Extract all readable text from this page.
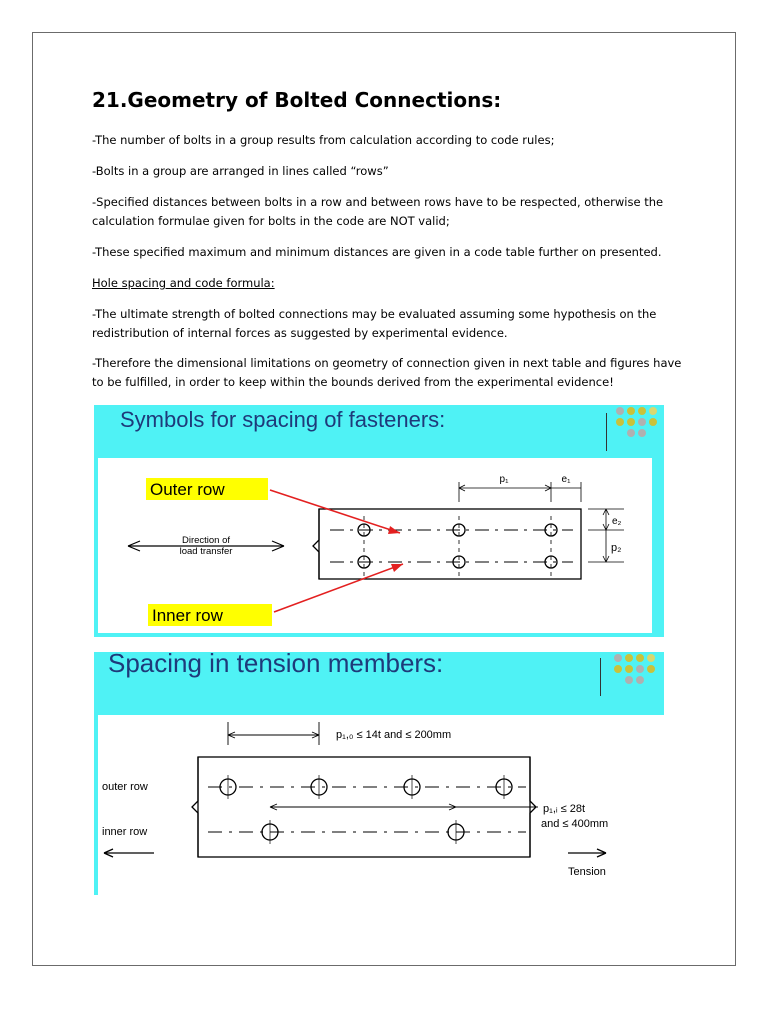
21.Geometry of Bolted Connections:

-The number of bolts in a group results from calculation according to code rules;

-Bolts in a group are arranged in lines called “rows”

-Specified distances between bolts in a row and between rows have to be respected, otherwise the calculation formulae given for bolts in the code are NOT valid;

-These specified maximum and minimum distances are given in a code table further on presented.

Hole spacing and code formula:

-The ultimate strength of bolted connections may be evaluated assuming some hypothesis on the redistribution of internal forces as suggested by experimental evidence.

-Therefore the dimensional limitations on geometry of connection given in next table and figures have to be fulfilled, in order to keep within the bounds derived from the experimental evidence!

Symbols for spacing of fasteners:
Direction of
load transfer
p₁	e₁
e₂
p₂
Outer row
Inner row
Spacing in tension members:
p₁,₀ ≤ 14t and ≤ 200mm
p₁,ᵢ ≤ 28t
and ≤ 400mm
outer row
inner row
Tension
